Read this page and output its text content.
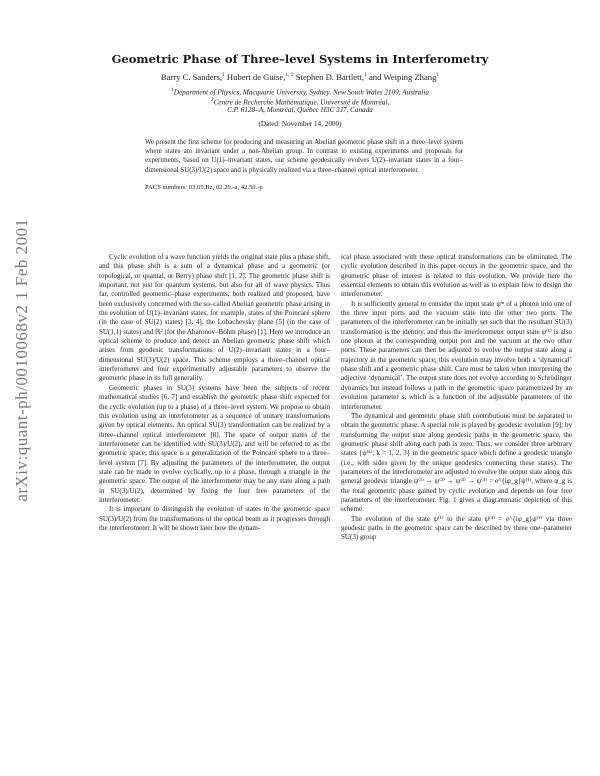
arXiv:quant-ph/0010068v2 1 Feb 2001
Geometric Phase of Three–level Systems in Interferometry
Barry C. Sanders,$^1$ Hubert de Guise,$^{1, 2}$ Stephen D. Bartlett,$^1$ and Weiping Zhang$^1$
$^1$Department of Physics, Macquarie University, Sydney, New South Wales 2109, Australia
$^2$Centre de Recherche Mathématique, Université de Montréal,
C.P. 6128–A, Montréal, Québec H3C 3J7, Canada
(Dated: November 14, 2000)
We present the first scheme for producing and measuring an Abelian geometric phase shift in a three–level system where states are invariant under a non-Abelian group. In contrast to existing experiments and proposals for experiments, based on U(1)–invariant states, our scheme geodesically evolves U(2)–invariant states in a four–dimensional SU(3)/U(2) space and is physically realized via a three–channel optical interferometer.
PACS numbers: 03.65.Bz, 02.20.-a, 42.50.-p

Cyclic evolution of a wave function yields the original state plus a phase shift, and this phase shift is a sum of a dynamical phase and a geometric (or topological, or quantal, or Berry) phase shift [1, 2]. The geometric phase shift is important, not just for quantum systems, but also for all of wave physics. Thus far, controlled geometric–phase experiments, both realized and proposed, have been exclusively concerned with the so–called Abelian geometric phase arising in the evolution of U(1)–invariant states, for example, states of the Poincaré sphere (in the case of SU(2) states) [3, 4], the Lobachevsky plane [5] (in the case of SU(1,1) states) and ℝ² (for the Aharonov–Bohm phase) [1]. Here we introduce an optical scheme to produce and detect an Abelian geometric phase shift which arises from geodesic transformations of U(2)–invariant states in a four–dimensional SU(3)/U(2) space. This scheme employs a three–channel optical interferometer and four experimentally adjustable parameters to observe the geometric phase in its full generality.

Geometric phases in SU(3) systems have been the subjects of recent mathematical studies [6, 7] and establish the geometric phase shift expected for the cyclic evolution (up to a phase) of a three–level system. We propose to obtain this evolution using an interferometer as a sequence of unitary transformations given by optical elements. An optical SU(3) transformation can be realized by a three–channel optical interferometer [8]. The space of output states of the interferometer can be identified with SU(3)/U(2), and will be referred to as the geometric space; this space is a generalization of the Poincaré sphere to a three–level system [7]. By adjusting the parameters of the interferometer, the output state can be made to evolve cyclically, up to a phase, through a triangle in the geometric space. The output of the interferometer may be any state along a path in SU(3)/U(2), determined by fixing the four free parameters of the interferometer.

It is important to distinguish the evolution of states in the geometric space SU(3)/U(2) from the transformations of the optical beam as it progresses through the interferometer. It will be shown later how the dynam-

ical phase associated with these optical transformations can be eliminated. The cyclic evolution described in this paper occurs in the geometric space, and the geometric phase of interest is related to this evolution. We provide here the essential elements to obtain this evolution as well as to explain how to design the interferometer.

It is sufficiently general to consider the input state ψⁱⁿ of a photon into one of the three input ports and the vacuum state into the other two ports. The parameters of the interferometer can be initially set such that the resultant SU(3) transformation is the identity, and thus the interferometer output state ψ⁽¹⁾ is also one photon at the corresponding output port and the vacuum at the two other ports. These parameters can then be adjusted to evolve the output state along a trajectory in the geometric space; this evolution may involve both a ‘dynamical’ phase shift and a geometric phase shift. Care must be taken when interpreting the adjective ‘dynamical’. The output state does not evolve according to Schrödinger dynamics but instead follows a path in the geometric space parametrized by an evolution parameter s, which is a function of the adjustable parameters of the interferometer.

The dynamical and geometric phase shift contributions must be separated to obtain the geometric phase. A special role is played by geodesic evolution [9]; by transforming the output state along geodesic paths in the geometric space, the geometric phase shift along each path is zero. Thus, we consider three arbitrary states {ψ⁽ᵏ⁾; k = 1, 2, 3} in the geometric space which define a geodesic triangle (i.e., with sides given by the unique geodesics connecting these states). The parameters of the interferometer are adjusted to evolve the output state along this general geodesic triangle ψ⁽¹⁾ → ψ⁽²⁾ → ψ⁽³⁾ → ψ⁽⁴⁾ = e^{iφ_g}ψ⁽¹⁾, where φ_g is the total geometric phase gained by cyclic evolution and depends on four free parameters of the interferometer. Fig. 1 gives a diagrammatic depiction of this scheme.

The evolution of the state ψ⁽¹⁾ to the state ψ⁽⁴⁾ = e^{iφ_g}ψ⁽¹⁾ via three geodesic paths in the geometric space can be described by three one–parameter SU(3) group
